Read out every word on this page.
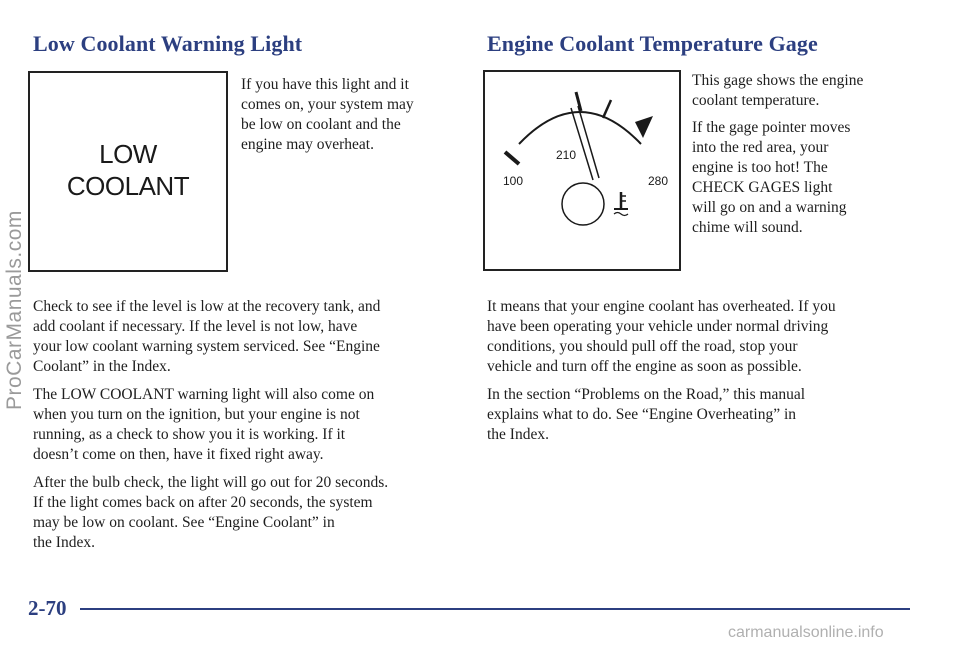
Low Coolant Warning Light
LOW
COOLANT

If you have this light and it
comes on, your system may
be low on coolant and the
engine may overheat.

Check to see if the level is low at the recovery tank, and
add coolant if necessary. If the level is not low, have
your low coolant warning system serviced. See “Engine
Coolant” in the Index.

The LOW COOLANT warning light will also come on
when you turn on the ignition, but your engine is not
running, as a check to show you it is working. If it
doesn’t come on then, have it fixed right away.

After the bulb check, the light will go out for 20 seconds.
If the light comes back on after 20 seconds, the system
may be low on coolant. See “Engine Coolant” in
the Index.

Engine Coolant Temperature Gage
100
210
280

This gage shows the engine
coolant temperature.

If the gage pointer moves
into the red area, your
engine is too hot! The
CHECK GAGES light
will go on and a warning
chime will sound.

It means that your engine coolant has overheated. If you
have been operating your vehicle under normal driving
conditions, you should pull off the road, stop your
vehicle and turn off the engine as soon as possible.

In the section “Problems on the Road,” this manual
explains what to do. See “Engine Overheating” in
the Index.

ProCarManuals.com
2-70
carmanualsonline.info
